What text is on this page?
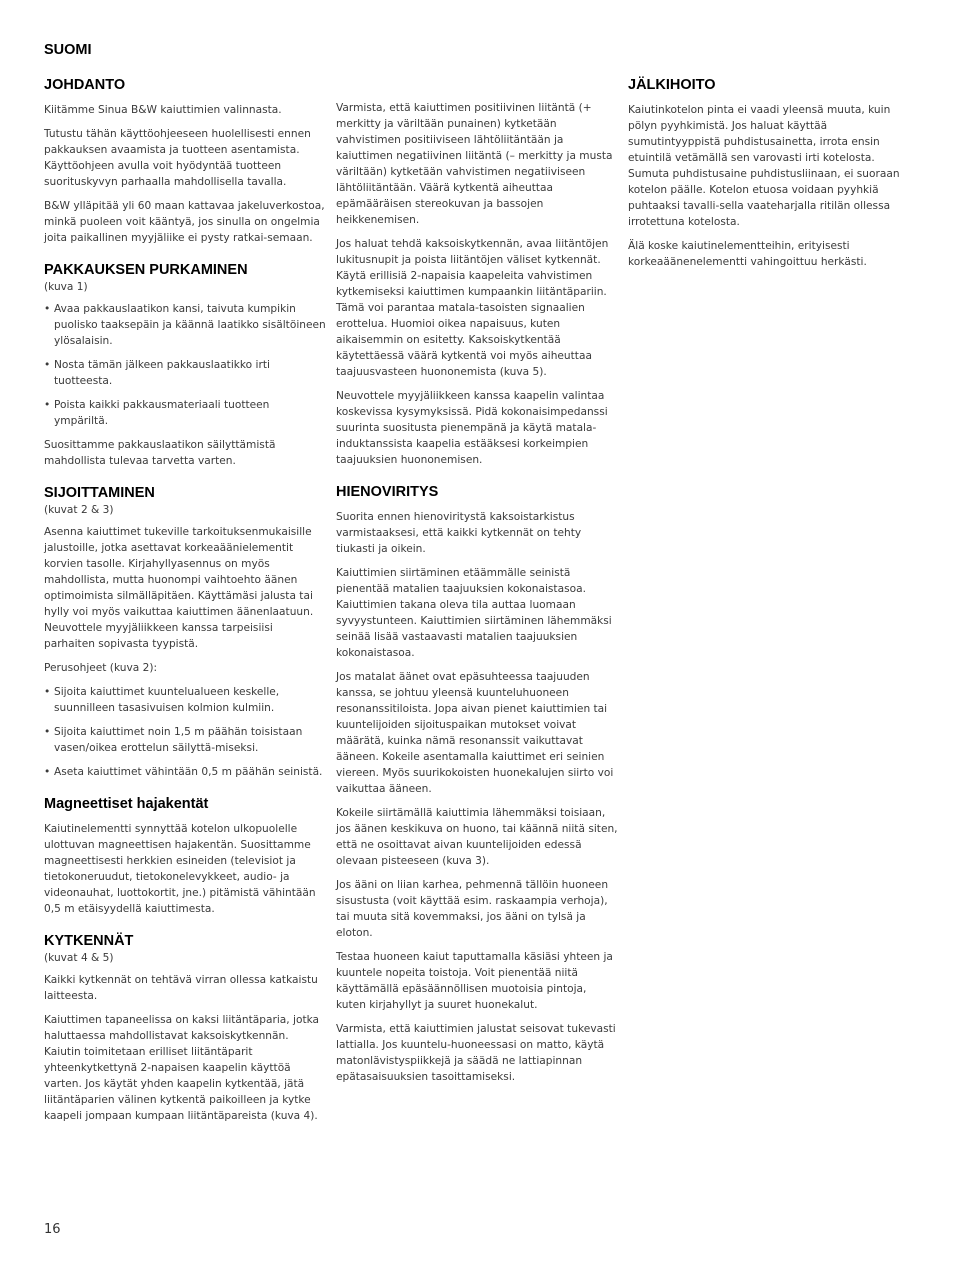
SUOMI
JOHDANTO

Kiitämme Sinua B&W kaiuttimien valinnasta.

Tutustu tähän käyttöohjeeseen huolellisesti ennen pakkauksen avaamista ja tuotteen asentamista. Käyttöohjeen avulla voit hyödyntää tuotteen suorituskyvyn parhaalla mahdollisella tavalla.

B&W ylläpitää yli 60 maan kattavaa jakeluverkostoa, minkä puoleen voit kääntyä, jos sinulla on ongelmia joita paikallinen myyjäliike ei pysty ratkai-semaan.

PAKKAUKSEN PURKAMINEN
(kuva 1)
• Avaa pakkauslaatikon kansi, taivuta kumpikin puolisko taaksepäin ja käännä laatikko sisältöineen ylösalaisin.
• Nosta tämän jälkeen pakkauslaatikko irti tuotteesta.
• Poista kaikki pakkausmateriaali tuotteen ympäriltä.

Suosittamme pakkauslaatikon säilyttämistä mahdollista tulevaa tarvetta varten.

SIJOITTAMINEN
(kuvat 2 & 3)

Asenna kaiuttimet tukeville tarkoituksenmukaisille jalustoille, jotka asettavat korkeaäänielementit korvien tasolle. Kirjahyllyasennus on myös mahdollista, mutta huonompi vaihtoehto äänen optimoimista silmälläpitäen. Käyttämäsi jalusta tai hylly voi myös vaikuttaa kaiuttimen äänenlaatuun. Neuvottele myyjäliikkeen kanssa tarpeisiisi parhaiten sopivasta tyypistä.

Perusohjeet (kuva 2):

• Sijoita kaiuttimet kuuntelualueen keskelle, suunnilleen tasasivuisen kolmion kulmiin.
• Sijoita kaiuttimet noin 1,5 m päähän toisistaan vasen/oikea erottelun säilyttä-miseksi.
• Aseta kaiuttimet vähintään 0,5 m päähän seinistä.
Magneettiset hajakentät

Kaiutinelementti synnyttää kotelon ulkopuolelle ulottuvan magneettisen hajakentän. Suosittamme magneettisesti herkkien esineiden (televisiot ja tietokoneruudut, tietokonelevykkeet, audio- ja videonauhat, luottokortit, jne.) pitämistä vähintään 0,5 m etäisyydellä kaiuttimesta.

KYTKENNÄT
(kuvat 4 & 5)

Kaikki kytkennät on tehtävä virran ollessa katkaistu laitteesta.

Kaiuttimen tapaneelissa on kaksi liitäntäparia, jotka haluttaessa mahdollistavat kaksoiskytkennän. Kaiutin toimitetaan erilliset liitäntäparit yhteenkytkettynä 2-napaisen kaapelin käyttöä varten. Jos käytät yhden kaapelin kytkentää, jätä liitäntäparien välinen kytkentä paikoilleen ja kytke kaapeli jompaan kumpaan liitäntäpareista (kuva 4).

Varmista, että kaiuttimen positiivinen liitäntä (+ merkitty ja väriltään punainen) kytketään vahvistimen positiiviseen lähtöliitäntään ja kaiuttimen negatiivinen liitäntä (– merkitty ja musta väriltään) kytketään vahvistimen negatiiviseen lähtöliitäntään. Väärä kytkentä aiheuttaa epämääräisen stereokuvan ja bassojen heikkenemisen.

Jos haluat tehdä kaksoiskytkennän, avaa liitäntöjen lukitusnupit ja poista liitäntöjen väliset kytkennät. Käytä erillisiä 2-napaisia kaapeleita vahvistimen kytkemiseksi kaiuttimen kumpaankin liitäntäpariin. Tämä voi parantaa matala-tasoisten signaalien erottelua. Huomioi oikea napaisuus, kuten aikaisemmin on esitetty. Kaksoiskytkentää käytettäessä väärä kytkentä voi myös aiheuttaa taajuusvasteen huononemista (kuva 5).

Neuvottele myyjäliikkeen kanssa kaapelin valintaa koskevissa kysymyksissä. Pidä kokonaisimpedanssi suurinta suositusta pienempänä ja käytä matala-induktanssista kaapelia estääksesi korkeimpien taajuuksien huononemisen.

HIENOVIRITYS

Suorita ennen hienoviritystä kaksoistarkistus varmistaaksesi, että kaikki kytkennät on tehty tiukasti ja oikein.

Kaiuttimien siirtäminen etäämmälle seinistä pienentää matalien taajuuksien kokonaistasoa. Kaiuttimien takana oleva tila auttaa luomaan syvyystunteen. Kaiuttimien siirtäminen lähemmäksi seinää lisää vastaavasti matalien taajuuksien kokonaistasoa.

Jos matalat äänet ovat epäsuhteessa taajuuden kanssa, se johtuu yleensä kuunteluhuoneen resonanssitiloista. Jopa aivan pienet kaiuttimien tai kuuntelijoiden sijoituspaikan mutokset voivat määrätä, kuinka nämä resonanssit vaikuttavat ääneen. Kokeile asentamalla kaiuttimet eri seinien viereen. Myös suurikokoisten huonekalujen siirto voi vaikuttaa ääneen.

Kokeile siirtämällä kaiuttimia lähemmäksi toisiaan, jos äänen keskikuva on huono, tai käännä niitä siten, että ne osoittavat aivan kuuntelijoiden edessä olevaan pisteeseen (kuva 3).

Jos ääni on liian karhea, pehmennä tällöin huoneen sisustusta (voit käyttää esim. raskaampia verhoja), tai muuta sitä kovemmaksi, jos ääni on tylsä ja eloton.

Testaa huoneen kaiut taputtamalla käsiäsi yhteen ja kuuntele nopeita toistoja. Voit pienentää niitä käyttämällä epäsäännöllisen muotoisia pintoja, kuten kirjahyllyt ja suuret huonekalut.

Varmista, että kaiuttimien jalustat seisovat tukevasti lattialla. Jos kuuntelu-huoneessasi on matto, käytä matonlävistyspiikkejä ja säädä ne lattiapinnan epätasaisuuksien tasoittamiseksi.

JÄLKIHOITO

Kaiutinkotelon pinta ei vaadi yleensä muuta, kuin pölyn pyyhkimistä. Jos haluat käyttää sumutintyyppistä puhdistusainetta, irrota ensin etuintilä vetämällä sen varovasti irti kotelosta. Sumuta puhdistusaine puhdistusliinaan, ei suoraan kotelon päälle. Kotelon etuosa voidaan pyyhkiä puhtaaksi tavalli-sella vaateharjalla ritilän ollessa irrotettuna kotelosta.

Älä koske kaiutinelementteihin, erityisesti korkeaäänenelementti vahingoittuu herkästi.

16
